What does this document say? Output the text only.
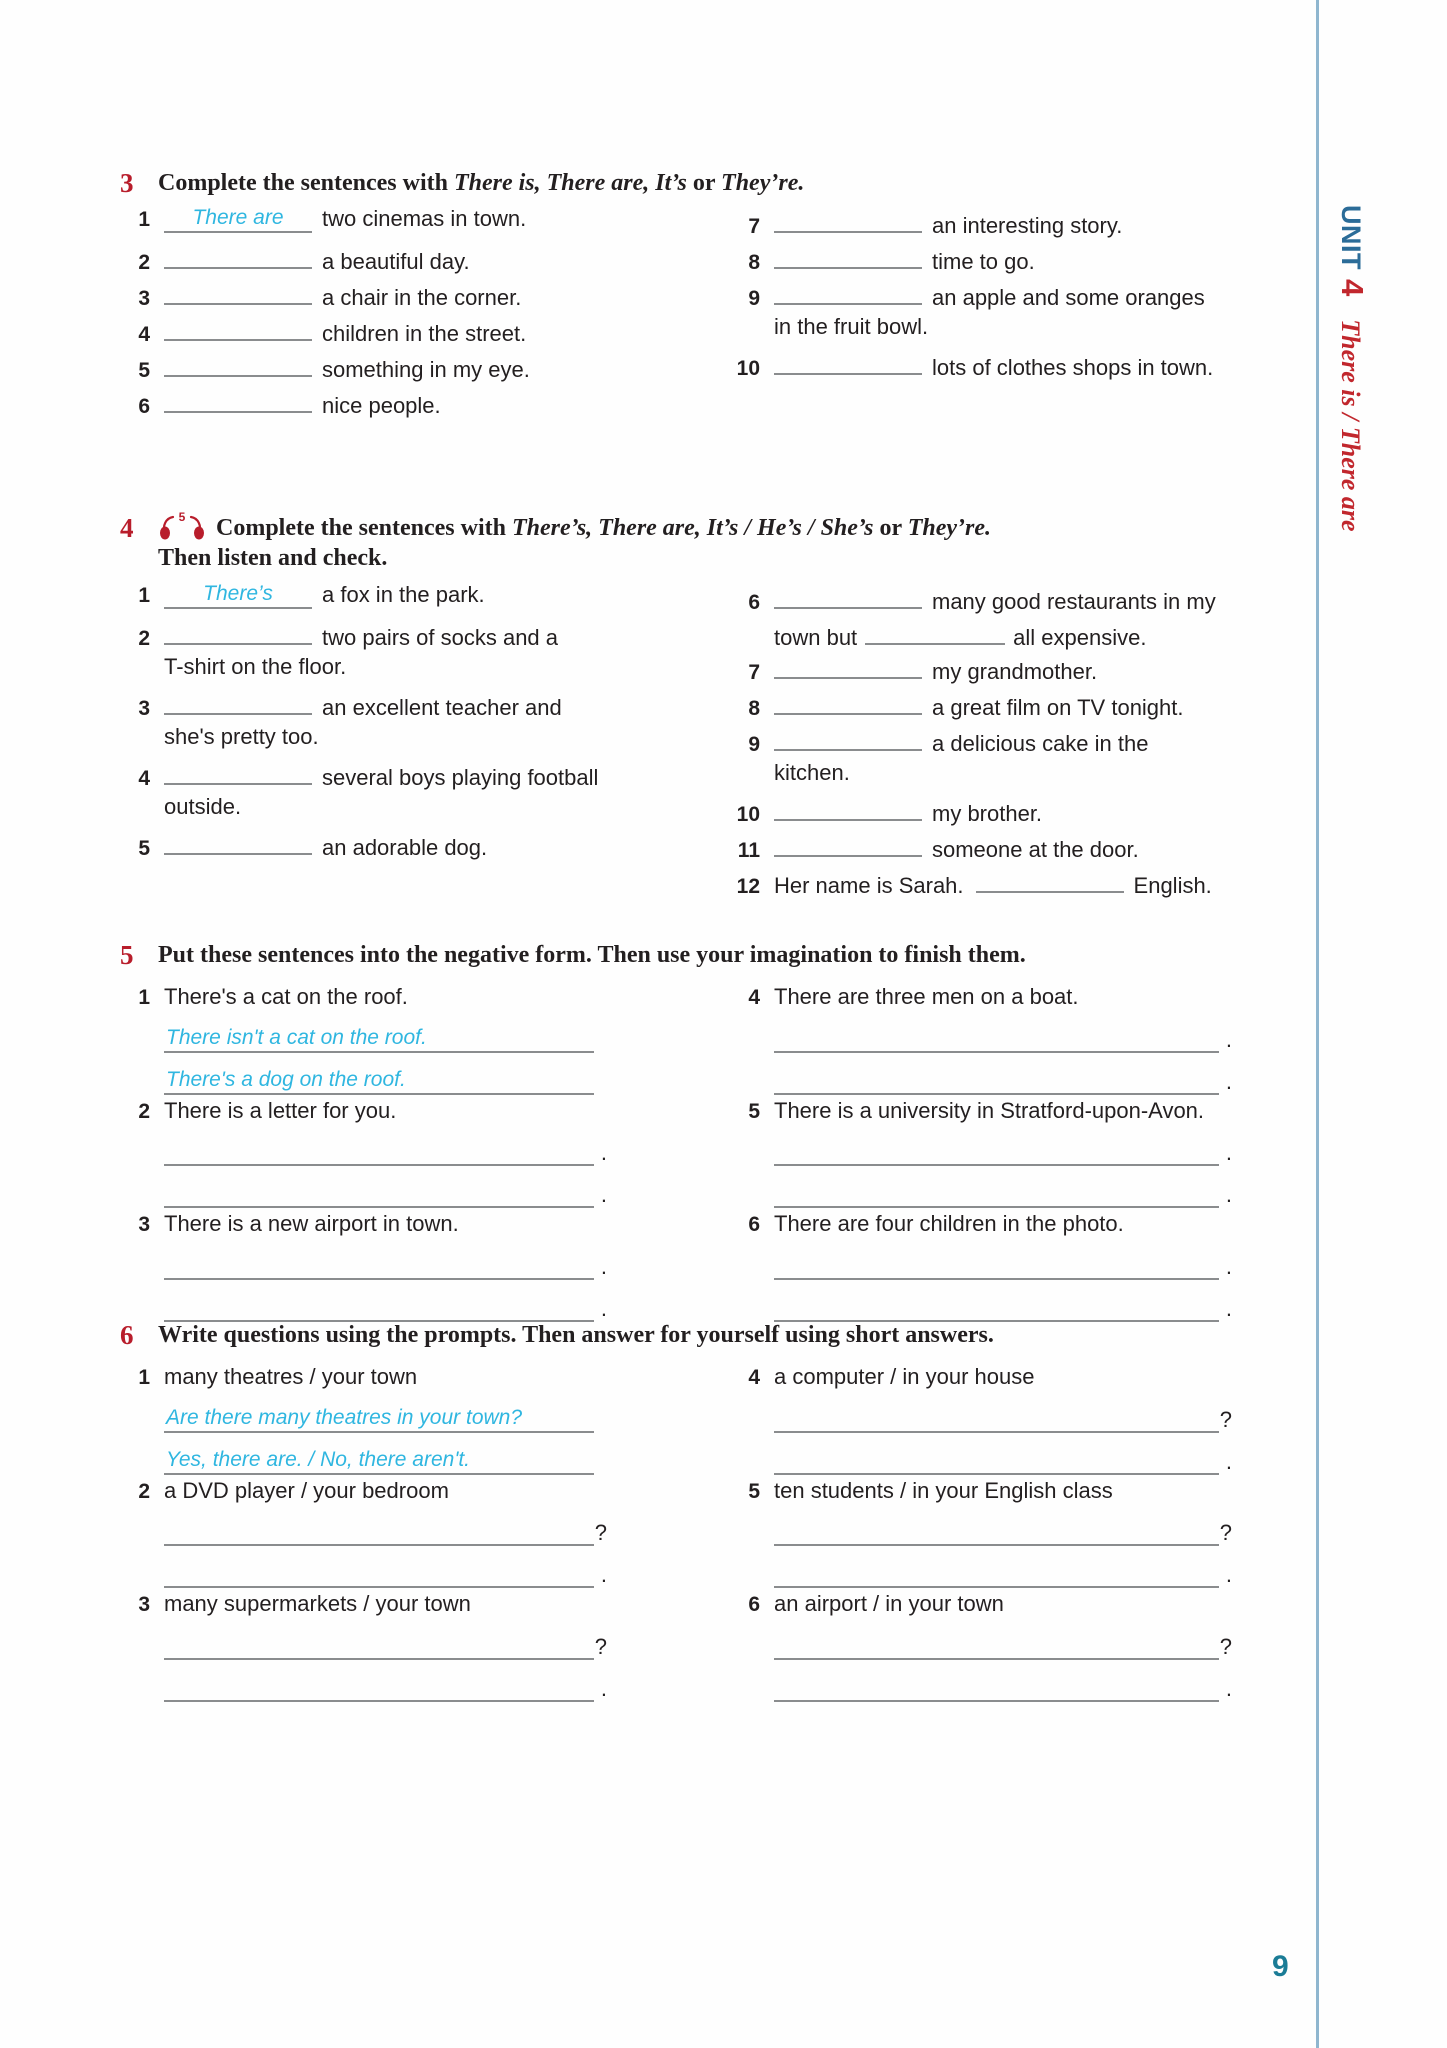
UNIT
4
There is / There are
9
3	Complete the sentences with There is, There are, It’s or They’re.
1	There are	two cinemas in town.
2	a beautiful day.
3	a chair in the corner.
4	children in the street.
5	something in my eye.
6	nice people.
7	an interesting story.
8	time to go.
9	an apple and some oranges
in the fruit bowl.
10	lots of clothes shops in town.
4	5 Complete the sentences with There’s, There are, It’s / He’s / She’s or They’re.
Then listen and check.
1	There’s	a fox in the park.
2	two pairs of socks and a
T-shirt on the floor.
3	an excellent teacher and
she's pretty too.
4	several boys playing football
outside.
5	an adorable dog.
6	many good restaurants in my
town but	all expensive.
7	my grandmother.
8	a great film on TV tonight.
9	a delicious cake in the
kitchen.
10	my brother.
11	someone at the door.
12 Her name is Sarah.	English.
5	Put these sentences into the negative form. Then use your imagination to finish them.
1 There's a cat on the roof.
There isn't a cat on the roof.
There's a dog on the roof.
2 There is a letter for you.
.
.
3 There is a new airport in town.
.
.
4 There are three men on a boat.
.
.
5 There is a university in Stratford-upon-Avon.
.
.
6 There are four children in the photo.
.
.
6	Write questions using the prompts. Then answer for yourself using short answers.
1 many theatres / your town
Are there many theatres in your town?
Yes, there are. / No, there aren't.
2 a DVD player / your bedroom
?
.
3 many supermarkets / your town
?
.
4 a computer / in your house
?
.
5 ten students / in your English class
?
.
6 an airport / in your town
?
.
